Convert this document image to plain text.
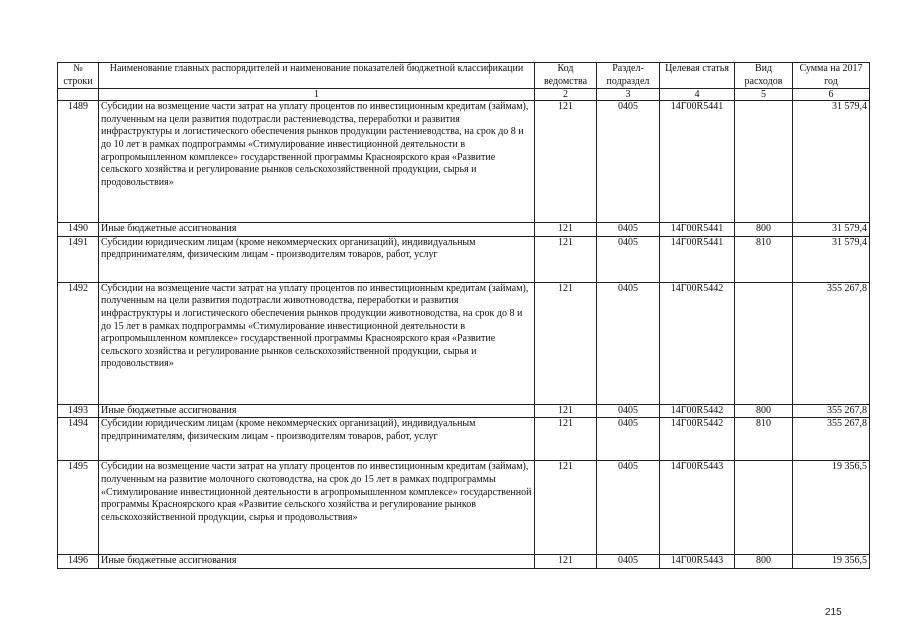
№ строки	Наименование главных распорядителей и наименование показателей бюджетной классификации	Код ведомства	Раздел-подраздел	Целевая статья	Вид расходов	Сумма на 2017 год
	1	2	3	4	5	6
1489	Субсидии на возмещение части затрат на уплату процентов по инвестиционным кредитам (займам), полученным на цели развития подотрасли растениеводства, переработки и развития инфраструктуры и логистического обеспечения рынков продукции растениеводства, на срок до 8 и до 10 лет в рамках подпрограммы «Стимулирование инвестиционной деятельности в агропромышленном комплексе» государственной программы Красноярского края «Развитие сельского хозяйства и регулирование рынков сельскохозяйственной продукции, сырья и продовольствия»	121	0405	14Г00R5441		31 579,4
1490	Иные бюджетные ассигнования	121	0405	14Г00R5441	800	31 579,4
1491	Субсидии юридическим лицам (кроме некоммерческих организаций), индивидуальным предпринимателям, физическим лицам - производителям товаров, работ, услуг	121	0405	14Г00R5441	810	31 579,4
1492	Субсидии на возмещение части затрат на уплату процентов по инвестиционным кредитам (займам), полученным на цели развития подотрасли животноводства, переработки и развития инфраструктуры и логистического обеспечения рынков продукции животноводства, на срок до 8 и до 15 лет в рамках подпрограммы «Стимулирование инвестиционной деятельности в агропромышленном комплексе» государственной программы Красноярского края «Развитие сельского хозяйства и регулирование рынков сельскохозяйственной продукции, сырья и продовольствия»	121	0405	14Г00R5442		355 267,8
1493	Иные бюджетные ассигнования	121	0405	14Г00R5442	800	355 267,8
1494	Субсидии юридическим лицам (кроме некоммерческих организаций), индивидуальным предпринимателям, физическим лицам - производителям товаров, работ, услуг	121	0405	14Г00R5442	810	355 267,8
1495	Субсидии на возмещение части затрат на уплату процентов по инвестиционным кредитам (займам), полученным на развитие молочного скотоводства, на срок до 15 лет в рамках подпрограммы «Стимулирование инвестиционной деятельности в агропромышленном комплексе» государственной программы Красноярского края «Развитие сельского хозяйства и регулирование рынков сельскохозяйственной продукции, сырья и продовольствия»	121	0405	14Г00R5443		19 356,5
1496	Иные бюджетные ассигнования	121	0405	14Г00R5443	800	19 356,5
215
